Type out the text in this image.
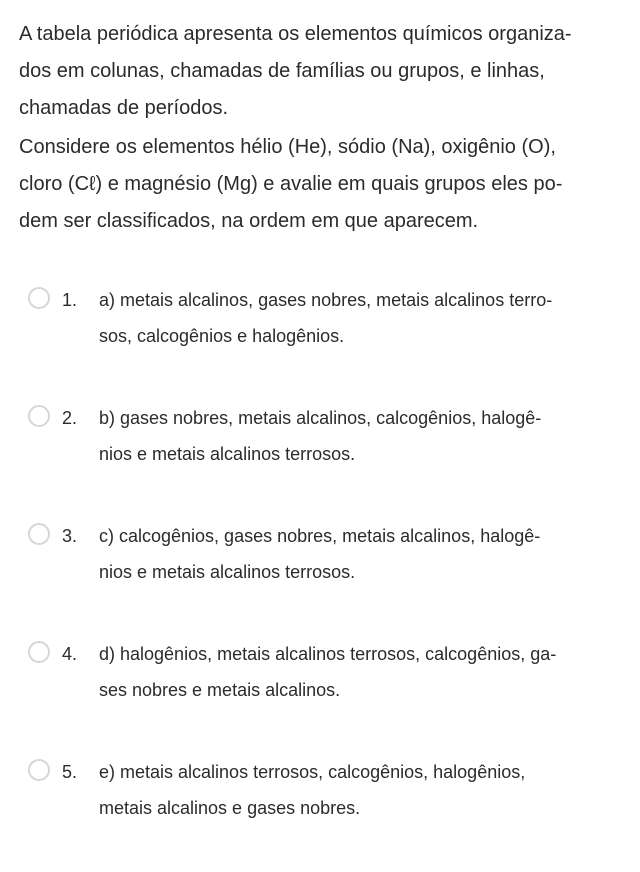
A tabela periódica apresenta os elementos químicos organiza-
dos em colunas, chamadas de famílias ou grupos, e linhas,
chamadas de períodos.
Considere os elementos hélio (He), sódio (Na), oxigênio (O),
cloro (Cℓ) e magnésio (Mg) e avalie em quais grupos eles po-
dem ser classificados, na ordem em que aparecem.
1. a) metais alcalinos, gases nobres, metais alcalinos terro-
sos, calcogênios e halogênios.
2. b) gases nobres, metais alcalinos, calcogênios, halogê-
nios e metais alcalinos terrosos.
3. c) calcogênios, gases nobres, metais alcalinos, halogê-
nios e metais alcalinos terrosos.
4. d) halogênios, metais alcalinos terrosos, calcogênios, ga-
ses nobres e metais alcalinos.
5. e) metais alcalinos terrosos, calcogênios, halogênios,
metais alcalinos e gases nobres.
